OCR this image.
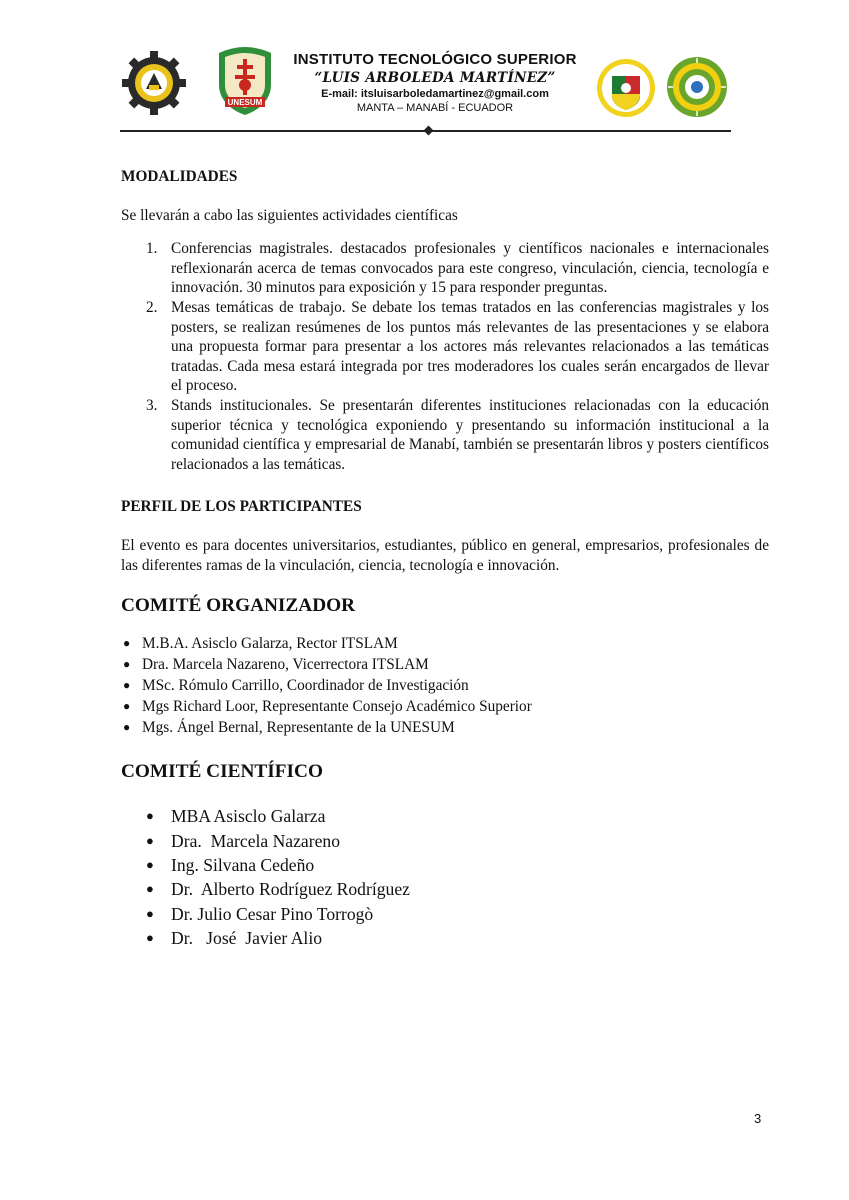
UNESUM
INSTITUTO TECNOLÓGICO SUPERIOR
“LUIS ARBOLEDA MARTÍNEZ”
E-mail: itsluisarboledamartinez@gmail.com
MANTA – MANABÍ - ECUADOR
MODALIDADES

Se llevarán a cabo las siguientes actividades científicas

1. Conferencias magistrales. destacados profesionales y científicos nacionales e internacionales reflexionarán acerca de temas convocados para este congreso, vinculación, ciencia, tecnología e innovación. 30 minutos para exposición y 15 para responder preguntas.
2. Mesas temáticas de trabajo. Se debate los temas tratados en las conferencias magistrales y los posters, se realizan resúmenes de los puntos más relevantes de las presentaciones y se elabora una propuesta formar para presentar a los actores más relevantes relacionados a las temáticas tratadas. Cada mesa estará integrada por tres moderadores los cuales serán encargados de llevar el proceso.
3. Stands institucionales. Se presentarán diferentes instituciones relacionadas con la educación superior técnica y tecnológica exponiendo y presentando su información institucional a la comunidad científica y empresarial de Manabí, también se presentarán libros y posters científicos relacionados a las temáticas.
PERFIL DE LOS PARTICIPANTES

El evento es para docentes universitarios, estudiantes, público en general, empresarios, profesionales de las diferentes ramas de la vinculación, ciencia, tecnología e innovación.

COMITÉ ORGANIZADOR
● M.B.A. Asisclo Galarza, Rector ITSLAM
● Dra. Marcela Nazareno, Vicerrectora ITSLAM
● MSc. Rómulo Carrillo, Coordinador de Investigación
● Mgs Richard Loor, Representante Consejo Académico Superior
● Mgs. Ángel Bernal, Representante de la UNESUM
COMITÉ CIENTÍFICO
● MBA Asisclo Galarza
● Dra.  Marcela Nazareno
● Ing. Silvana Cedeño
● Dr.  Alberto Rodríguez Rodríguez
● Dr. Julio Cesar Pino Torrogò
● Dr.   José  Javier Alio
3
